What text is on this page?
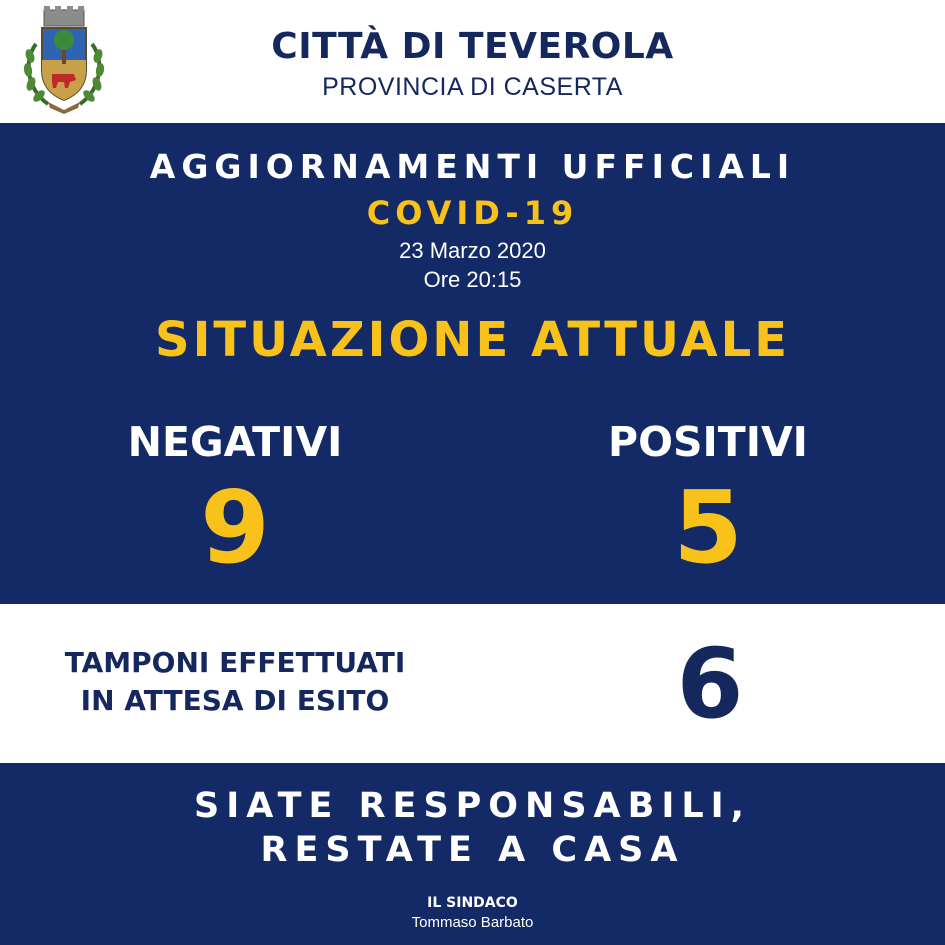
CITTÀ DI TEVEROLA
PROVINCIA DI CASERTA
AGGIORNAMENTI UFFICIALI
COVID-19
23 Marzo 2020
Ore 20:15
SITUAZIONE ATTUALE
NEGATIVI
9
POSITIVI
5
TAMPONI EFFETTUATI
IN ATTESA DI ESITO	6
SIATE RESPONSABILI,
RESTATE A CASA
IL SINDACO
Tommaso Barbato
